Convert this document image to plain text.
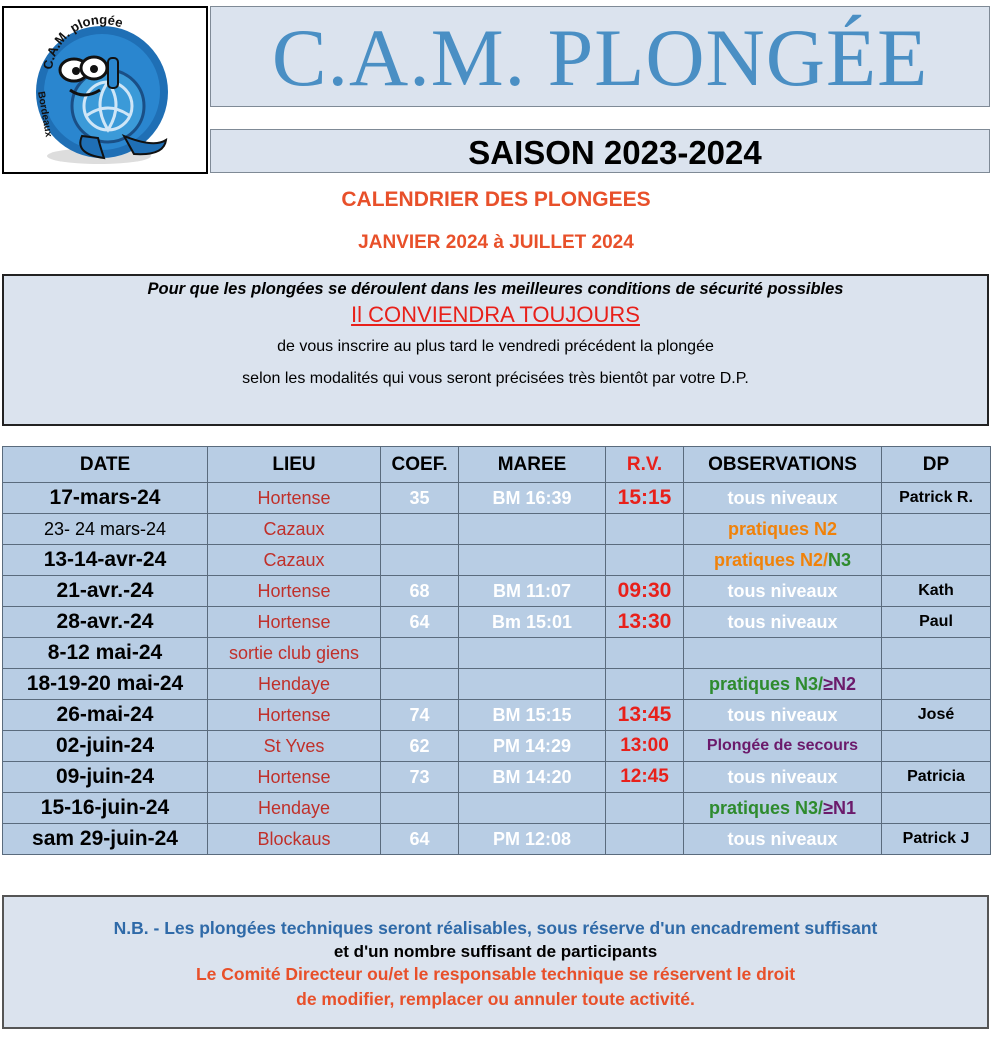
C.A.M. plongée
Bordeaux
C.A.M. PLONGÉE
SAISON 2023-2024
CALENDRIER DES PLONGEES
JANVIER 2024 à JUILLET 2024
Pour que les plongées se déroulent dans les meilleures conditions de sécurité possibles
Il CONVIENDRA TOUJOURS
de vous inscrire au plus tard le vendredi précédent la plongée
selon les modalités qui vous seront précisées très bientôt par votre D.P.
DATE	LIEU	COEF.	MAREE	R.V.	OBSERVATIONS	DP
17-mars-24	Hortense	35	BM 16:39	15:15	tous niveaux	Patrick R.
23- 24 mars-24	Cazaux				pratiques N2	
13-14-avr-24	Cazaux				pratiques N2/N3	
21-avr.-24	Hortense	68	BM 11:07	09:30	tous niveaux	Kath
28-avr.-24	Hortense	64	Bm 15:01	13:30	tous niveaux	Paul
8-12 mai-24	sortie club giens					
18-19-20 mai-24	Hendaye				pratiques N3/≥N2	
26-mai-24	Hortense	74	BM 15:15	13:45	tous niveaux	José
02-juin-24	St Yves	62	PM 14:29	13:00	Plongée de secours	
09-juin-24	Hortense	73	BM 14:20	12:45	tous niveaux	Patricia
15-16-juin-24	Hendaye				pratiques N3/≥N1	
sam 29-juin-24	Blockaus	64	PM 12:08		tous niveaux	Patrick J
N.B. - Les plongées techniques seront réalisables, sous réserve d'un encadrement suffisant
et d'un nombre suffisant de participants
Le Comité Directeur ou/et le responsable technique se réservent le droit
de modifier, remplacer ou annuler toute activité.
